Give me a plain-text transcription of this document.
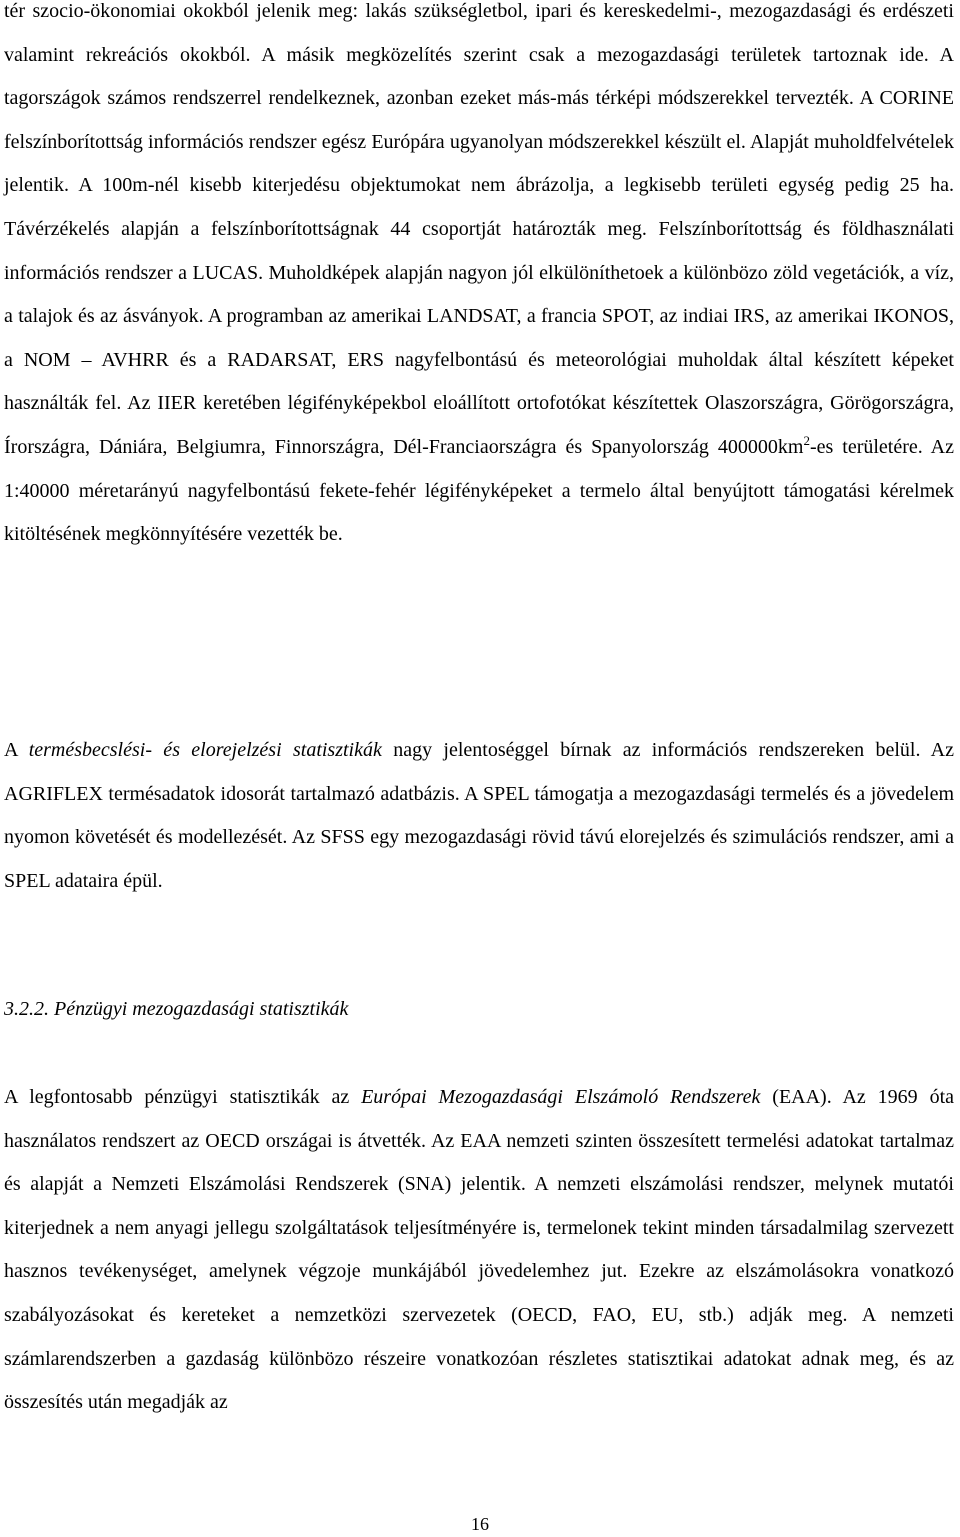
tér szocio-ökonomiai okokból jelenik meg: lakás szükségletbol, ipari és kereskedelmi-, mezogazdasági és erdészeti valamint rekreációs okokból. A másik megközelítés szerint csak a mezogazdasági területek tartoznak ide. A tagországok számos rendszerrel rendelkeznek, azonban ezeket más-más térképi módszerekkel tervezték. A CORINE felszínborítottság információs rendszer egész Európára ugyanolyan módszerekkel készült el. Alapját muholdfelvételek jelentik. A 100m-nél kisebb kiterjedésu objektumokat nem ábrázolja, a legkisebb területi egység pedig 25 ha. Távérzékelés alapján a felszínborítottságnak 44 csoportját határozták meg. Felszínborítottság és földhasználati információs rendszer a LUCAS. Muholdképek alapján nagyon jól elkülöníthetoek a különbözo zöld vegetációk, a víz, a talajok és az ásványok. A programban az amerikai LANDSAT, a francia SPOT, az indiai IRS, az amerikai IKONOS, a NOM – AVHRR és a RADARSAT, ERS nagyfelbontású és meteorológiai muholdak által készített képeket használták fel. Az IIER keretében légifényképekbol eloállított ortofotókat készítettek Olaszországra, Görögországra, Írországra, Dániára, Belgiumra, Finnországra, Dél-Franciaországra és Spanyolország $400000km^2-es$ területére. Az 1:40000 méretarányú nagyfelbontású fekete-fehér légifényképeket a termelo által benyújtott támogatási kérelmek kitöltésének megkönnyítésére vezették be.

A termésbecslési- és elorejelzési statisztikák nagy jelentoséggel bírnak az információs rendszereken belül. Az AGRIFLEX termésadatok idosorát tartalmazó adatbázis. A SPEL támogatja a mezogazdasági termelés és a jövedelem nyomon követését és modellezését. Az SFSS egy mezogazdasági rövid távú elorejelzés és szimulációs rendszer, ami a SPEL adataira épül.

3.2.2. Pénzügyi mezogazdasági statisztikák

A legfontosabb pénzügyi statisztikák az Európai Mezogazdasági Elszámoló Rendszerek (EAA). Az 1969 óta használatos rendszert az OECD országai is átvették. Az EAA nemzeti szinten összesített termelési adatokat tartalmaz és alapját a Nemzeti Elszámolási Rendszerek (SNA) jelentik. A nemzeti elszámolási rendszer, melynek mutatói kiterjednek a nem anyagi jellegu szolgáltatások teljesítményére is, termelonek tekint minden társadalmilag szervezett hasznos tevékenységet, amelynek végzoje munkájából jövedelemhez jut. Ezekre az elszámolásokra vonatkozó szabályozásokat és kereteket a nemzetközi szervezetek (OECD, FAO, EU, stb.) adják meg. A nemzeti számlarendszerben a gazdaság különbözo részeire vonatkozóan részletes statisztikai adatokat adnak meg, és az összesítés után megadják az

16
